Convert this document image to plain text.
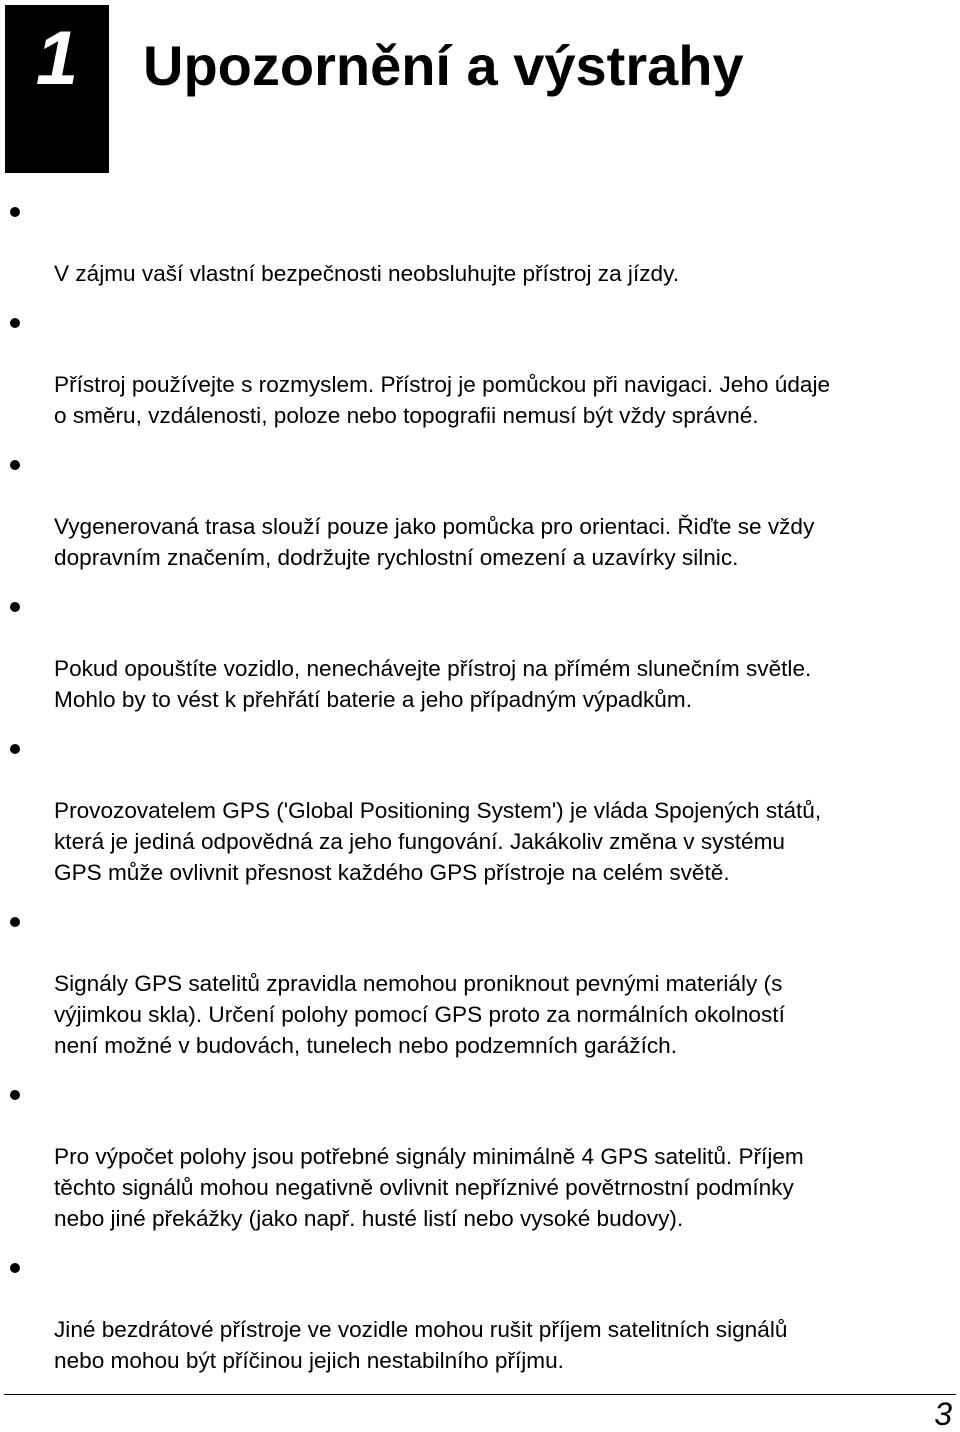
1	Upozornění a výstrahy

V zájmu vaší vlastní bezpečnosti neobsluhujte přístroj za jízdy.

Přístroj používejte s rozmyslem. Přístroj je pomůckou při navigaci. Jeho údaje
o směru, vzdálenosti, poloze nebo topografii nemusí být vždy správné.

Vygenerovaná trasa slouží pouze jako pomůcka pro orientaci. Řiďte se vždy
dopravním značením, dodržujte rychlostní omezení a uzavírky silnic.

Pokud opouštíte vozidlo, nenechávejte přístroj na přímém slunečním světle.
Mohlo by to vést k přehřátí baterie a jeho případným výpadkům.

Provozovatelem GPS ('Global Positioning System') je vláda Spojených států,
která je jediná odpovědná za jeho fungování. Jakákoliv změna v systému
GPS může ovlivnit přesnost každého GPS přístroje na celém světě.

Signály GPS satelitů zpravidla nemohou proniknout pevnými materiály (s
výjimkou skla). Určení polohy pomocí GPS proto za normálních okolností
není možné v budovách, tunelech nebo podzemních garážích.

Pro výpočet polohy jsou potřebné signály minimálně 4 GPS satelitů. Příjem
těchto signálů mohou negativně ovlivnit nepříznivé povětrnostní podmínky
nebo jiné překážky (jako např. husté listí nebo vysoké budovy).

Jiné bezdrátové přístroje ve vozidle mohou rušit příjem satelitních signálů
nebo mohou být příčinou jejich nestabilního příjmu.

3
